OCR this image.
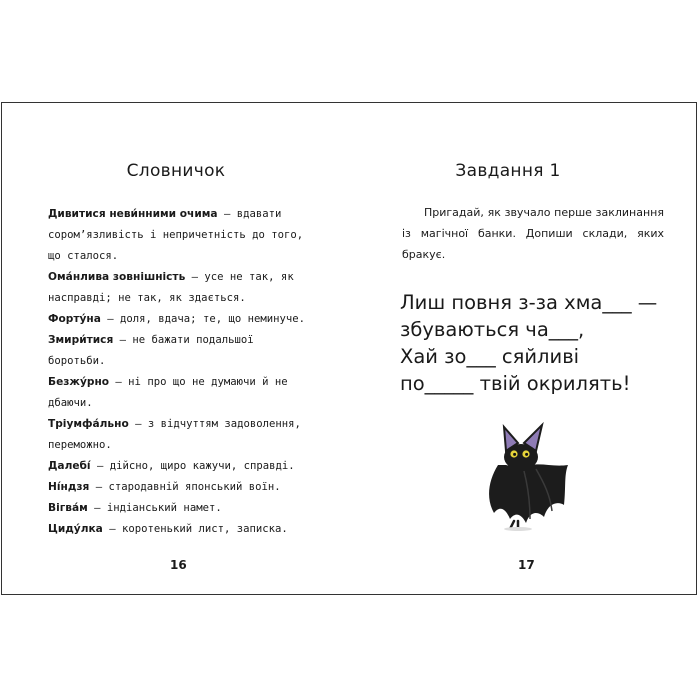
Словничок
Дивитися неви́нними очима — вдавати сором’язливість і непричетність до того, що сталося.
Ома́нлива зовнішність — усе не так, як насправді; не так, як здається.
Форту́на — доля, вдача; те, що неминуче.
Змири́тися — не бажати подальшої боротьби.
Безжу́рно — ні про що не думаючи й не дбаючи.
Тріумфа́льно — з відчуттям задоволення, переможно.
Далебі́ — дійсно, щиро кажучи, справді.
Ні́ндзя — стародавній японський воїн.
Вігва́м — індіанський намет.
Циду́лка — коротенький лист, записка.
16
Завдання 1

Пригадай, як звучало перше заклинання із магічної банки. Допиши склади, яких бракує.

Лиш повня з-за хма___ —
збуваються ча___,
Хай зо___ сяйливі
по_____ твій окрилять!
17
